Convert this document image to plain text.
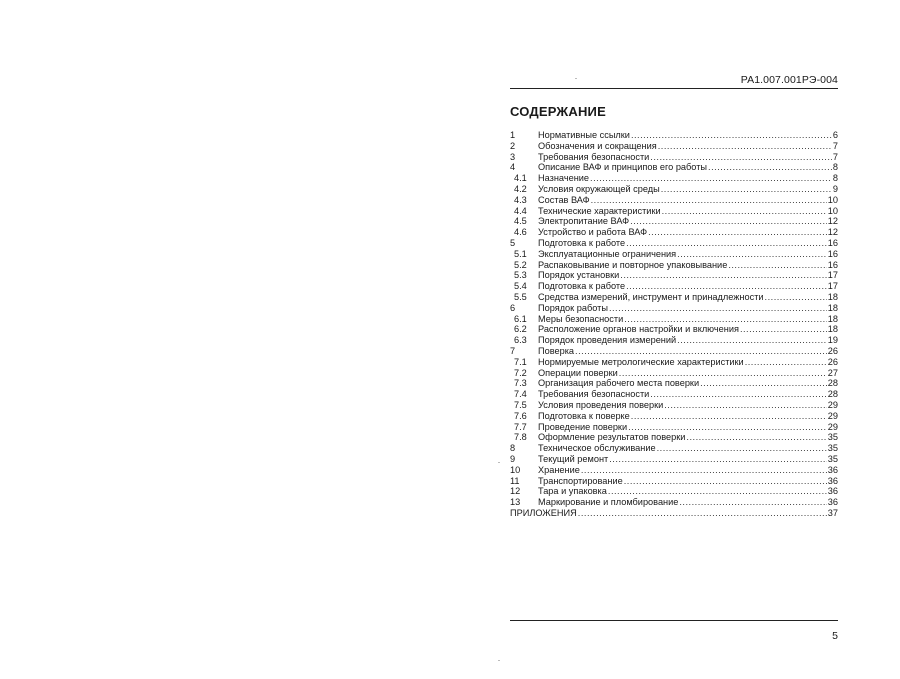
РА1.007.001РЭ-004
СОДЕРЖАНИЕ
1	Нормативные ссылки .....	6
2	Обозначения и сокращения .....	7
3	Требования безопасности .....	7
4	Описание ВАФ и принципов его работы .....	8
4.1	Назначение .....	8
4.2	Условия окружающей среды .....	9
4.3	Состав ВАФ .....	10
4.4	Технические характеристики .....	10
4.5	Электропитание ВАФ .....	12
4.6	Устройство и работа ВАФ .....	12
5	Подготовка к работе .....	16
5.1	Эксплуатационные ограничения .....	16
5.2	Распаковывание и повторное упаковывание .....	16
5.3	Порядок установки .....	17
5.4	Подготовка к работе .....	17
5.5	Средства измерений, инструмент и принадлежности .....	18
6	Порядок работы .....	18
6.1	Меры безопасности .....	18
6.2	Расположение органов настройки и включения .....	18
6.3	Порядок проведения измерений .....	19
7	Поверка .....	26
7.1	Нормируемые метрологические характеристики .....	26
7.2	Операции поверки .....	27
7.3	Организация рабочего места поверки .....	28
7.4	Требования безопасности .....	28
7.5	Условия проведения поверки .....	29
7.6	Подготовка к поверке .....	29
7.7	Проведение поверки .....	29
7.8	Оформление результатов поверки .....	35
8	Техническое обслуживание .....	35
9	Текущий ремонт .....	35
10	Хранение .....	36
11	Транспортирование .....	36
12	Тара и упаковка .....	36
13	Маркирование и пломбирование .....	36
ПРИЛОЖЕНИЯ .....	37
5
